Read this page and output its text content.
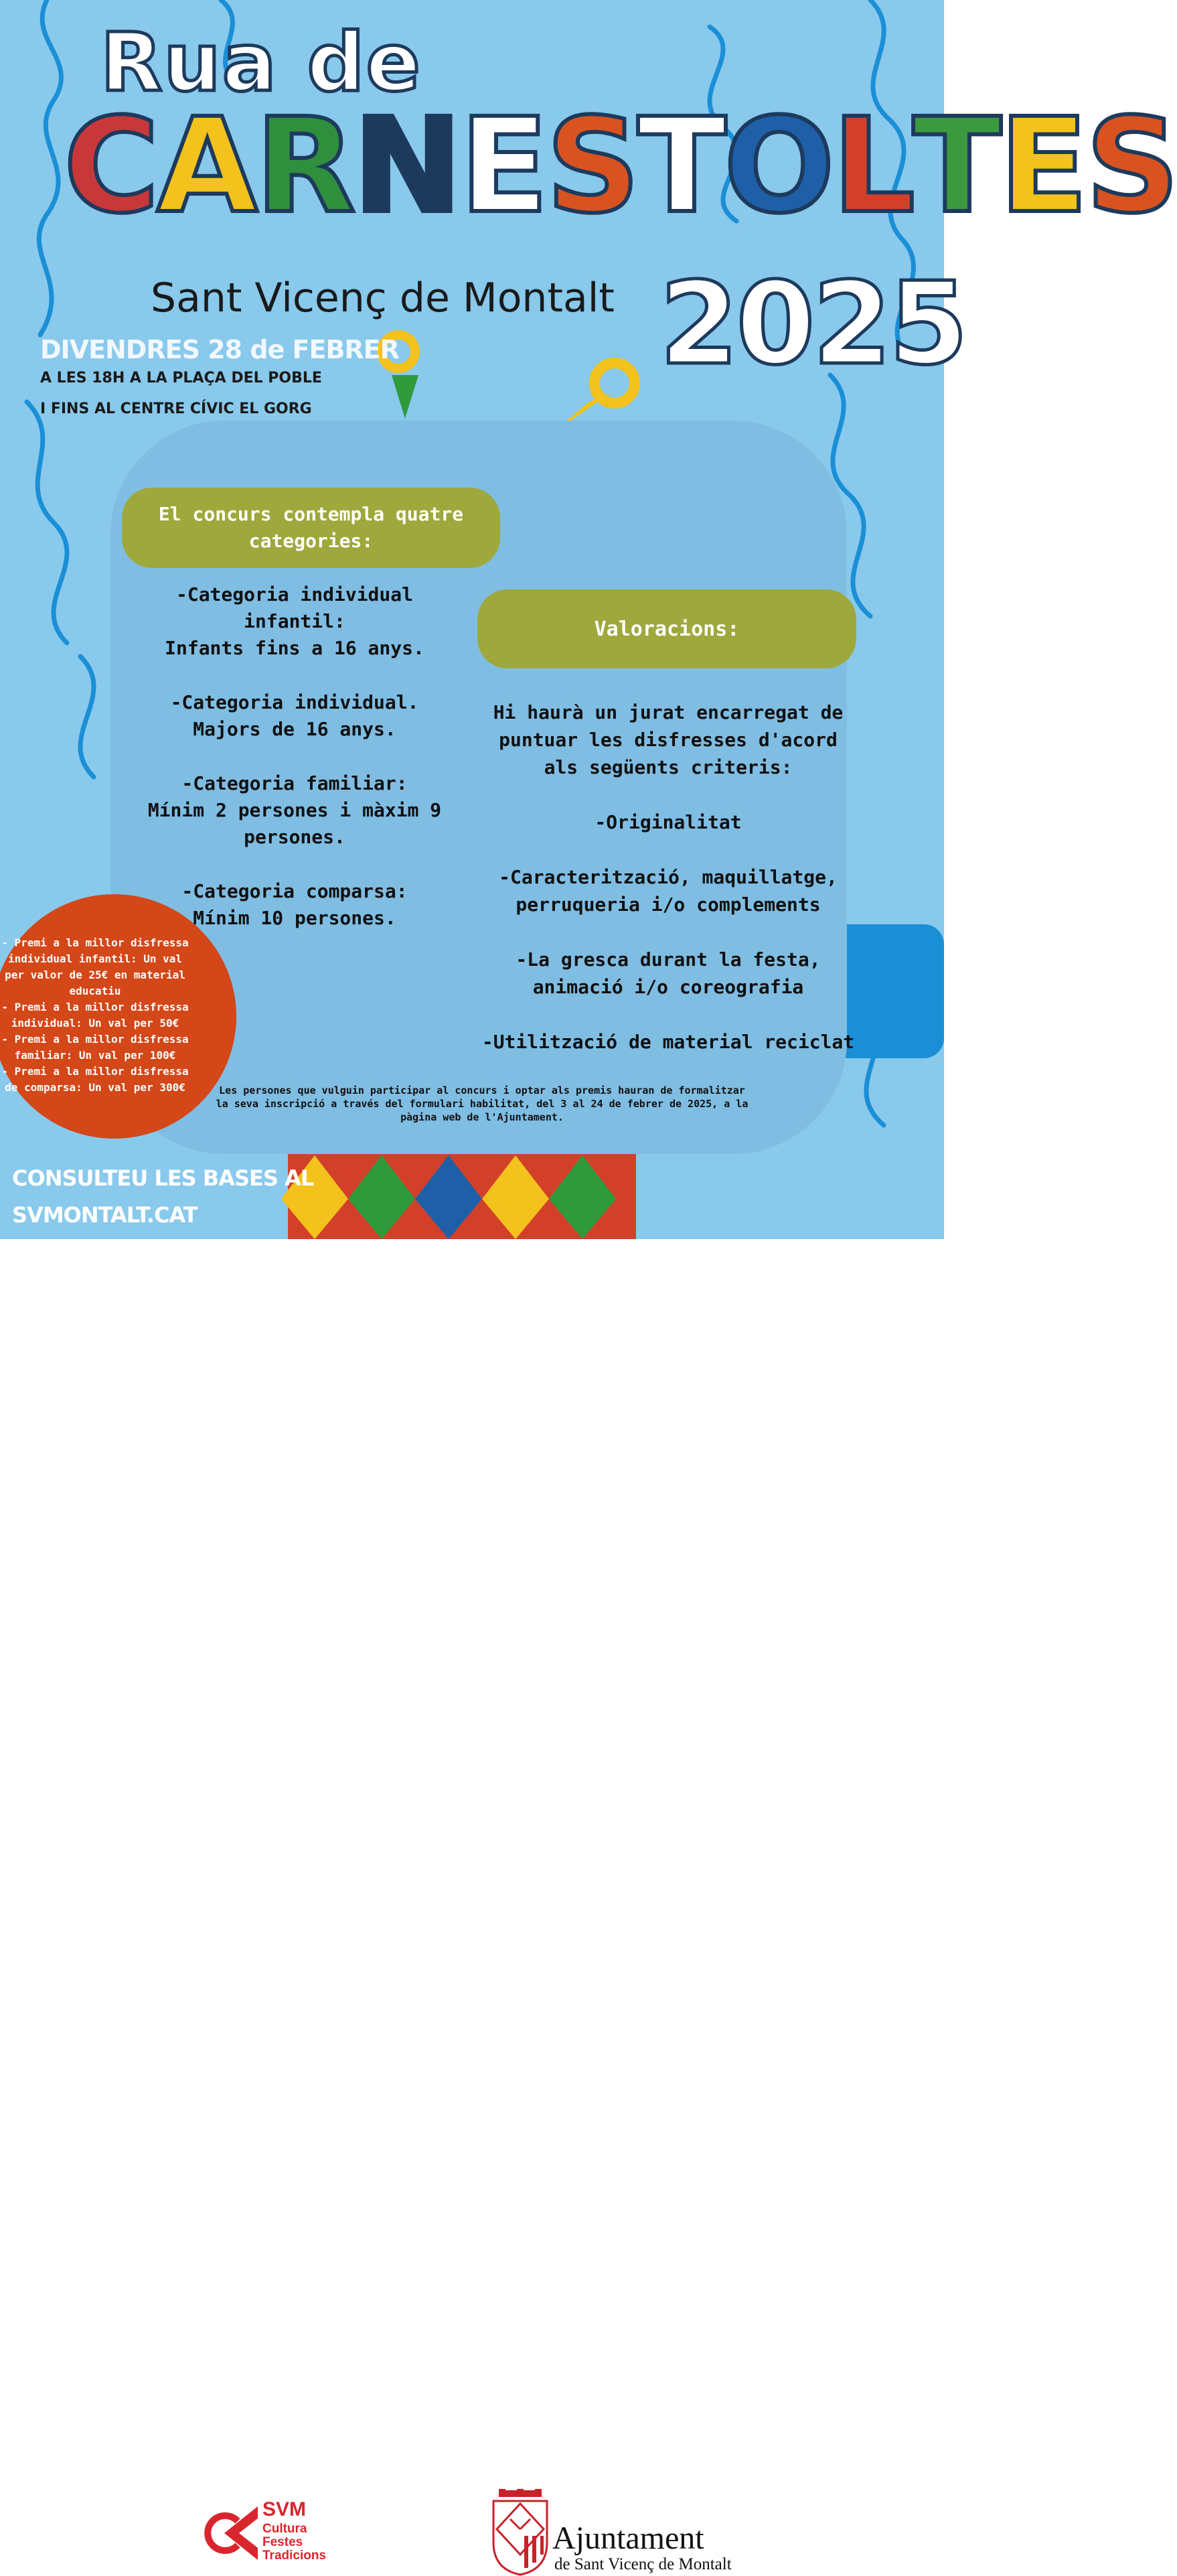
Rua de
CARNESTOLTES
Sant Vicenç de Montalt 2025
DIVENDRES 28 de FEBRER
A LES 18H A LA PLAÇA DEL POBLE
I FINS AL CENTRE CÍVIC EL GORG
El concurs contempla quatre categories:

-Categoria individual infantil:
Infants fins a 16 anys.

-Categoria individual.
Majors de 16 anys.

-Categoria familiar:
Mínim 2 persones i màxim 9 persones.

-Categoria comparsa:
Mínim 10 persones.

Valoracions:

Hi haurà un jurat encarregat de puntuar les disfresses d'acord als següents criteris:

-Originalitat

-Caracterització, maquillatge, perruqueria i/o complements

-La gresca durant la festa, animació i/o coreografia

-Utilització de material reciclat

Les persones que vulguin participar al concurs i optar als premis hauran de formalitzar la seva inscripció a través del formulari habilitat, del 3 al 24 de febrer de 2025, a la pàgina web de l'Ajuntament.
- Premi a la millor disfressa individual infantil: Un val per valor de 25€ en material educatiu
- Premi a la millor disfressa individual: Un val per 50€
- Premi a la millor disfressa familiar: Un val per 100€
- Premi a la millor disfressa de comparsa: Un val per 300€
CONSULTEU LES BASES AL
SVMONTALT.CAT
SVM
Cultura
Festes
Tradicions	Ajuntament
de Sant Vicenç de Montalt
